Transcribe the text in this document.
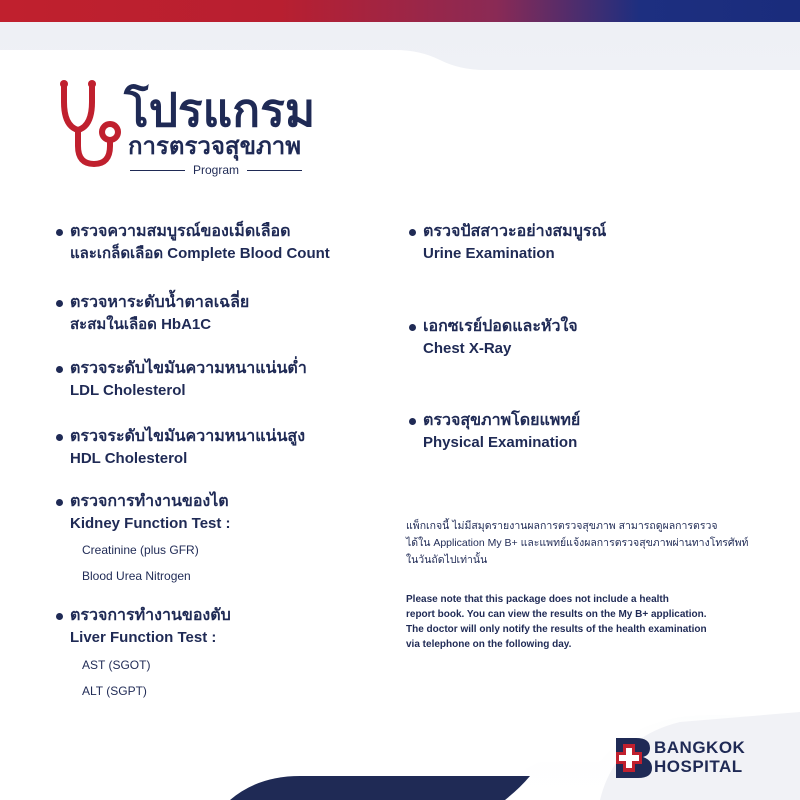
โปรแกรม

การตรวจสุขภาพ

Program
ตรวจความสมบูรณ์ของเม็ดเลือด
และเกล็ดเลือด Complete Blood Count
ตรวจหาระดับน้ำตาลเฉลี่ย
สะสมในเลือด HbA1C
ตรวจระดับไขมันความหนาแน่นต่ำ
LDL Cholesterol
ตรวจระดับไขมันความหนาแน่นสูง
HDL Cholesterol
ตรวจการทำงานของไต
Kidney Function Test :
Creatinine (plus GFR)
Blood Urea Nitrogen
ตรวจการทำงานของตับ
Liver Function Test :
AST (SGOT)
ALT (SGPT)
ตรวจปัสสาวะอย่างสมบูรณ์
Urine Examination
เอกซเรย์ปอดและหัวใจ
Chest X-Ray
ตรวจสุขภาพโดยแพทย์
Physical Examination
แพ็กเกจนี้ ไม่มีสมุดรายงานผลการตรวจสุขภาพ สามารถดูผลการตรวจ
ได้ใน Application My B+ และแพทย์แจ้งผลการตรวจสุขภาพผ่านทางโทรศัพท์
ในวันถัดไปเท่านั้น
Please note that this package does not include a health
report book. You can view the results on the My B+ application.
The doctor will only notify the results of the health examination
via telephone on the following day.
BANGKOK
HOSPITAL
